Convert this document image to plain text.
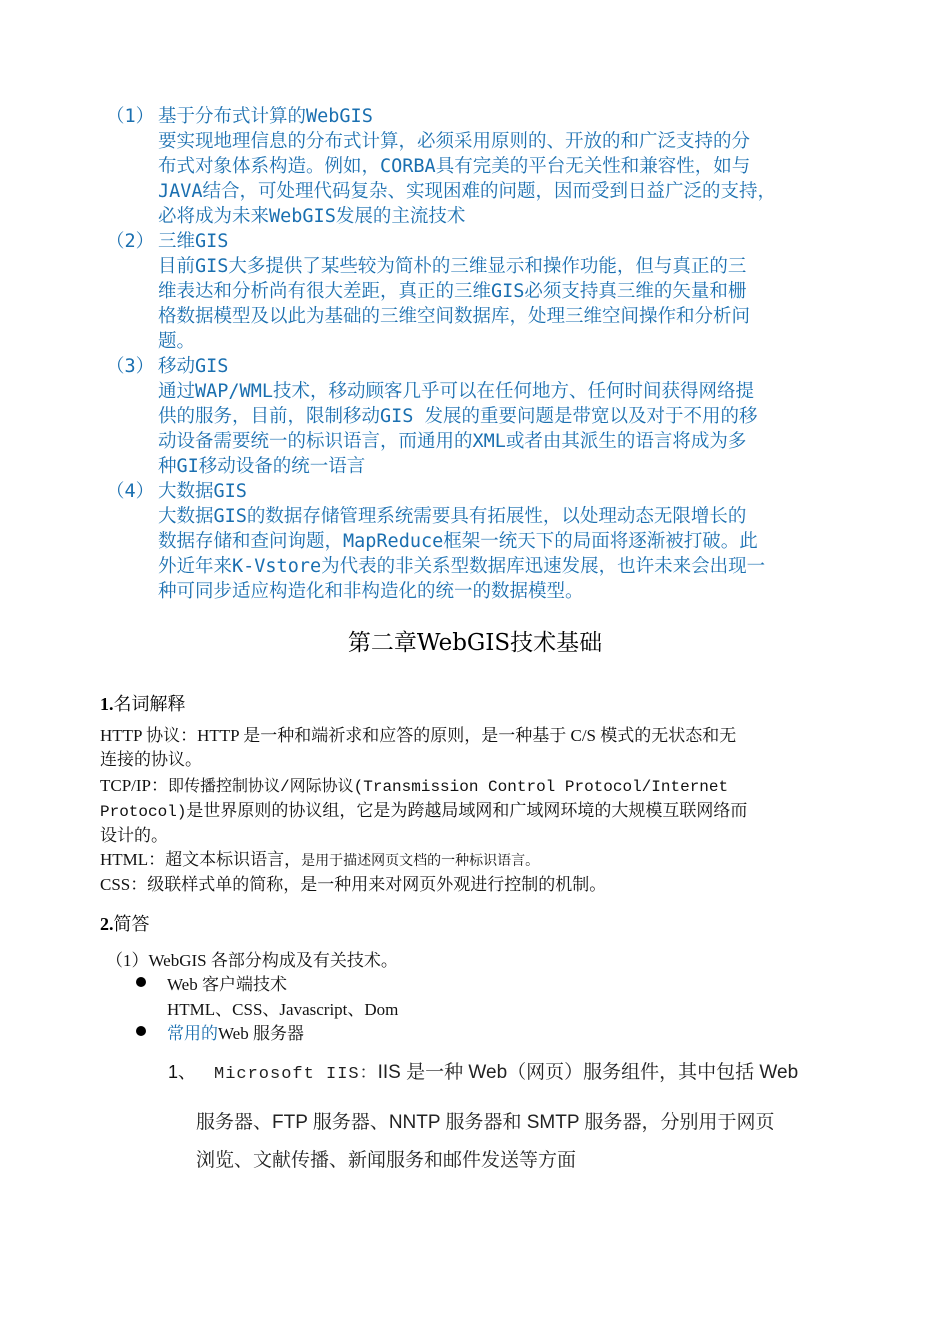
（1） 基于分布式计算的WebGIS
要实现地理信息的分布式计算，必须采用原则的、开放的和广泛支持的分
布式对象体系构造。例如，CORBA具有完美的平台无关性和兼容性，如与
JAVA结合，可处理代码复杂、实现困难的问题，因而受到日益广泛的支持，
必将成为未来WebGIS发展的主流技术
（2） 三维GIS
目前GIS大多提供了某些较为简朴的三维显示和操作功能，但与真正的三
维表达和分析尚有很大差距，真正的三维GIS必须支持真三维的矢量和栅
格数据模型及以此为基础的三维空间数据库，处理三维空间操作和分析问
题。
（3） 移动GIS
通过WAP/WML技术，移动顾客几乎可以在任何地方、任何时间获得网络提
供的服务，目前，限制移动GIS 发展的重要问题是带宽以及对于不用的移
动设备需要统一的标识语言，而通用的XML或者由其派生的语言将成为多
种GI移动设备的统一语言
（4） 大数据GIS
大数据GIS的数据存储管理系统需要具有拓展性，以处理动态无限增长的
数据存储和查问询题，MapReduce框架一统天下的局面将逐渐被打破。此
外近年来K-Vstore为代表的非关系型数据库迅速发展，也许未来会出现一
种可同步适应构造化和非构造化的统一的数据模型。
第二章WebGIS技术基础
1.名词解释
HTTP 协议：HTTP 是一种和端祈求和应答的原则，是一种基于 C/S 模式的无状态和无
连接的协议。
TCP/IP：即传播控制协议/网际协议(Transmission Control Protocol/Internet
Protocol)是世界原则的协议组，它是为跨越局域网和广域网环境的大规模互联网络而
设计的。
HTML：超文本标识语言，是用于描述网页文档的一种标识语言。
CSS：级联样式单的简称，是一种用来对网页外观进行控制的机制。
2.简答
（1）WebGIS 各部分构成及有关技术。
Web 客户端技术
HTML、CSS、Javascript、Dom
常用的Web 服务器
1、 Microsoft IIS：IIS 是一种 Web（网页）服务组件，其中包括 Web
服务器、FTP 服务器、NNTP 服务器和 SMTP 服务器，分别用于网页
浏览、文献传播、新闻服务和邮件发送等方面
